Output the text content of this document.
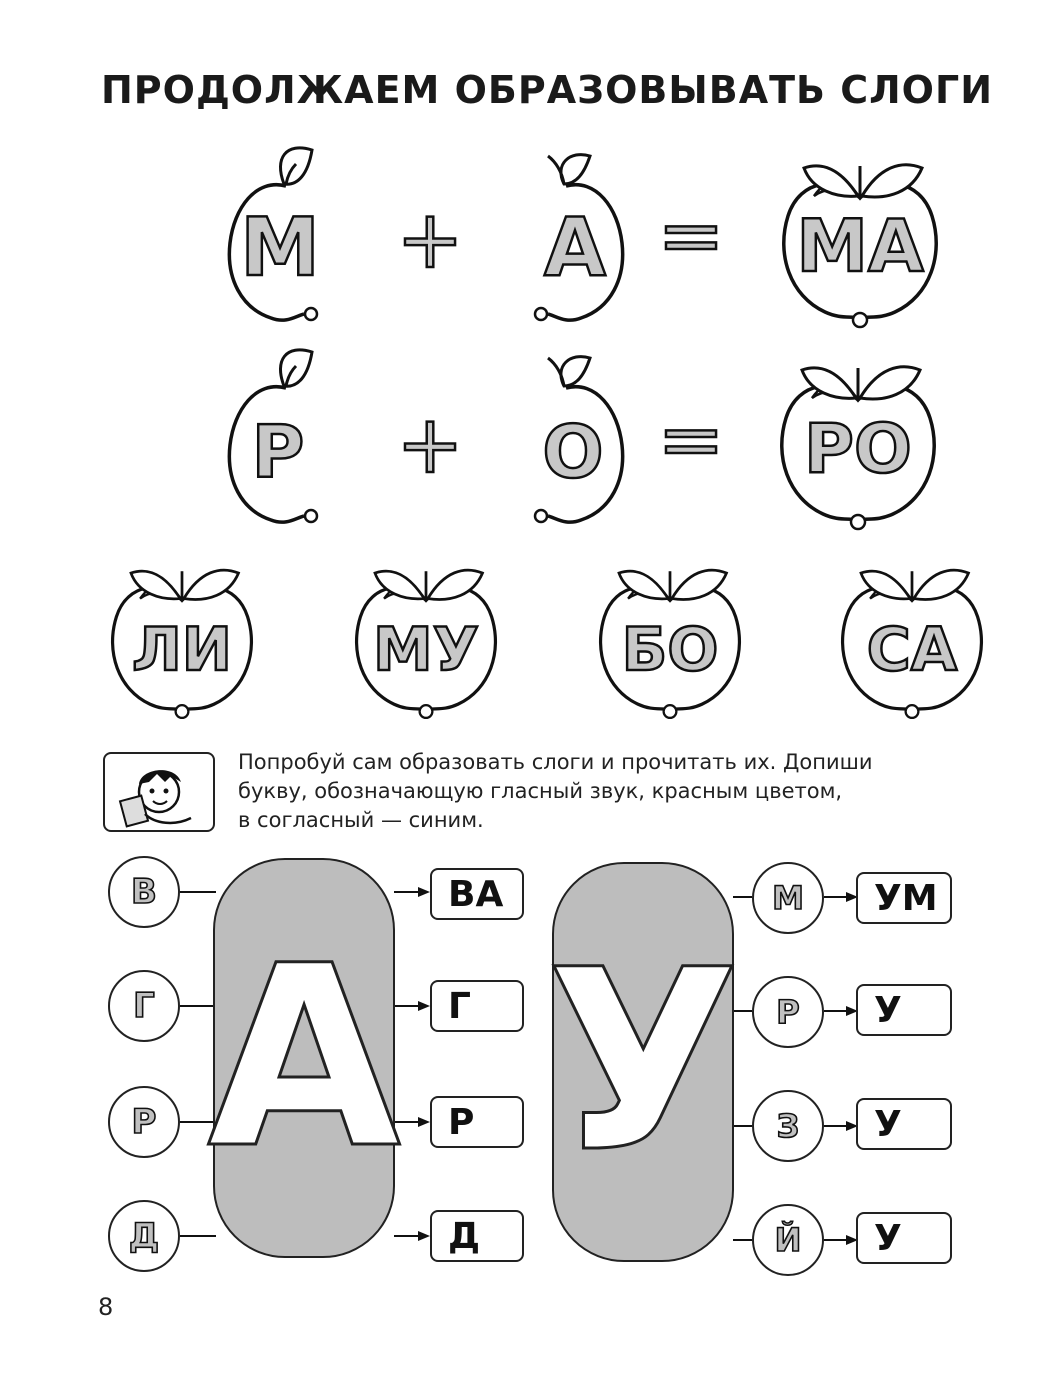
ПРОДОЛЖАЕМ ОБРАЗОВЫВАТЬ СЛОГИ
М + А = МА
Р + О =	РО
ЛИ	МУ	БО	СА
Попробуй сам образовать слоги и прочитать их. Допиши
букву, обозначающую гласный звук, красным цветом,
в согласный — синим.
А
В
Г
Р
Д
ВА
Г
Р
Д
У
М
Р
З
Й
УМ
У
У
У
8
